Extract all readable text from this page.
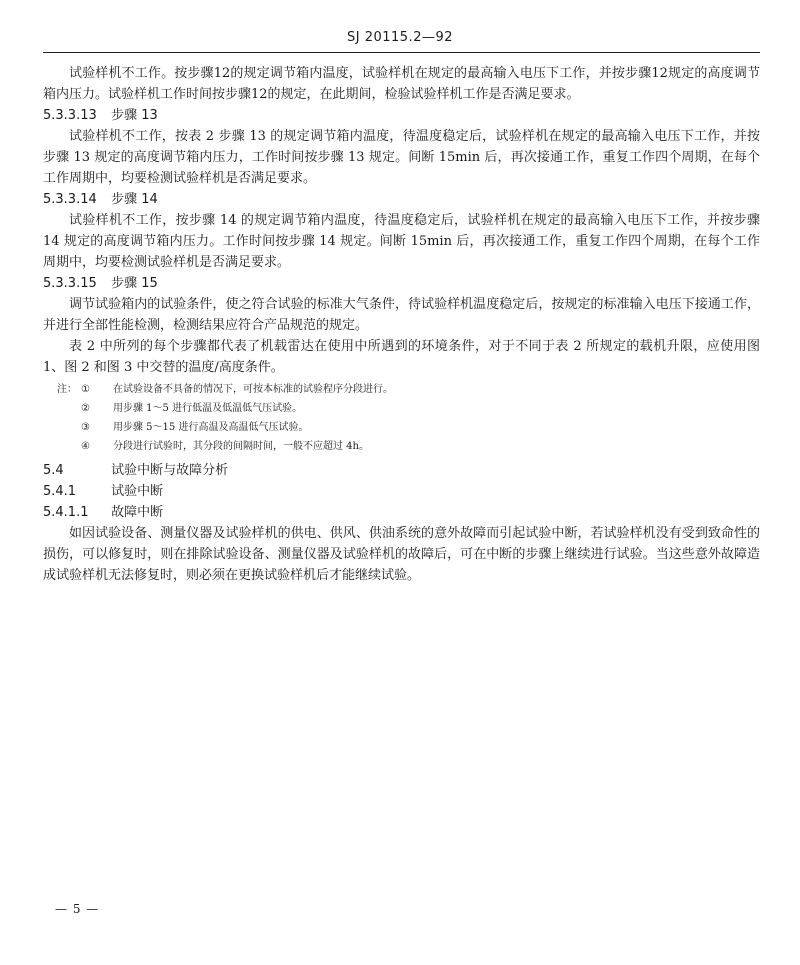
SJ 20115.2—92

试验样机不工作。按步骤12的规定调节箱内温度，试验样机在规定的最高输入电压下工作，并按步骤12规定的高度调节箱内压力。试验样机工作时间按步骤12的规定，在此期间，检验试验样机工作是否满足要求。

5.3.3.13 步骤 13

试验样机不工作，按表 2 步骤 13 的规定调节箱内温度，待温度稳定后，试验样机在规定的最高输入电压下工作，并按步骤 13 规定的高度调节箱内压力，工作时间按步骤 13 规定。间断 15min 后，再次接通工作，重复工作四个周期，在每个工作周期中，均要检测试验样机是否满足要求。

5.3.3.14 步骤 14

试验样机不工作，按步骤 14 的规定调节箱内温度，待温度稳定后，试验样机在规定的最高输入电压下工作，并按步骤 14 规定的高度调节箱内压力。工作时间按步骤 14 规定。间断 15min 后，再次接通工作，重复工作四个周期，在每个工作周期中，均要检测试验样机是否满足要求。

5.3.3.15 步骤 15

调节试验箱内的试验条件，使之符合试验的标准大气条件，待试验样机温度稳定后，按规定的标准输入电压下接通工作，并进行全部性能检测，检测结果应符合产品规范的规定。

表 2 中所列的每个步骤都代表了机载雷达在使用中所遇到的环境条件，对于不同于表 2 所规定的载机升限，应使用图 1、图 2 和图 3 中交替的温度/高度条件。

注： ①	在试验设备不具备的情况下，可按本标准的试验程序分段进行。
②	用步骤 1～5 进行低温及低温低气压试验。
③	用步骤 5～15 进行高温及高温低气压试验。
④	分段进行试验时，其分段的间隔时间，一般不应超过 4h。

5.4	试验中断与故障分析

5.4.1	试验中断

5.4.1.1 故障中断

如因试验设备、测量仪器及试验样机的供电、供风、供油系统的意外故障而引起试验中断，若试验样机没有受到致命性的损伤，可以修复时，则在排除试验设备、测量仪器及试验样机的故障后，可在中断的步骤上继续进行试验。当这些意外故障造成试验样机无法修复时，则必须在更换试验样机后才能继续试验。

— 5 —
